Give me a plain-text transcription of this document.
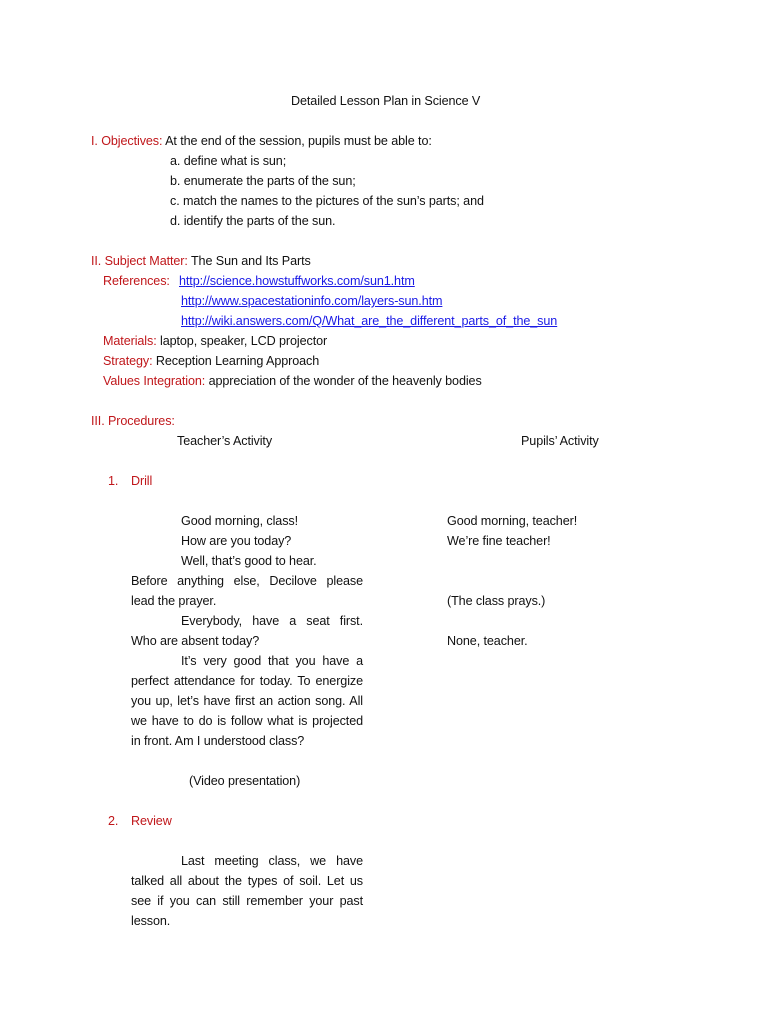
Detailed Lesson Plan in Science V
I. Objectives: At the end of the session, pupils must be able to:
a. define what is sun;
b. enumerate the parts of the sun;
c. match the names to the pictures of the sun’s parts; and
d. identify the parts of the sun.
II. Subject Matter: The Sun and Its Parts
References: http://science.howstuffworks.com/sun1.htm
http://www.spacestationinfo.com/layers-sun.htm
http://wiki.answers.com/Q/What_are_the_different_parts_of_the_sun
Materials: laptop, speaker, LCD projector
Strategy: Reception Learning Approach
Values Integration: appreciation of the wonder of the heavenly bodies
III. Procedures:
Teacher’s Activity	Pupils’ Activity
1. Drill
Good morning, class!
How are you today?
Well, that’s good to hear.
Before anything else, Decilove please lead the prayer.
Everybody, have a seat first. Who are absent today?
It’s very good that you have a perfect attendance for today. To energize you up, let’s have first an action song. All we have to do is follow what is projected in front. Am I understood class?
(Video presentation)
Good morning, teacher!
We’re fine teacher!
(The class prays.)
None, teacher.
2. Review
Last meeting class, we have talked all about the types of soil. Let us see if you can still remember your past lesson.
